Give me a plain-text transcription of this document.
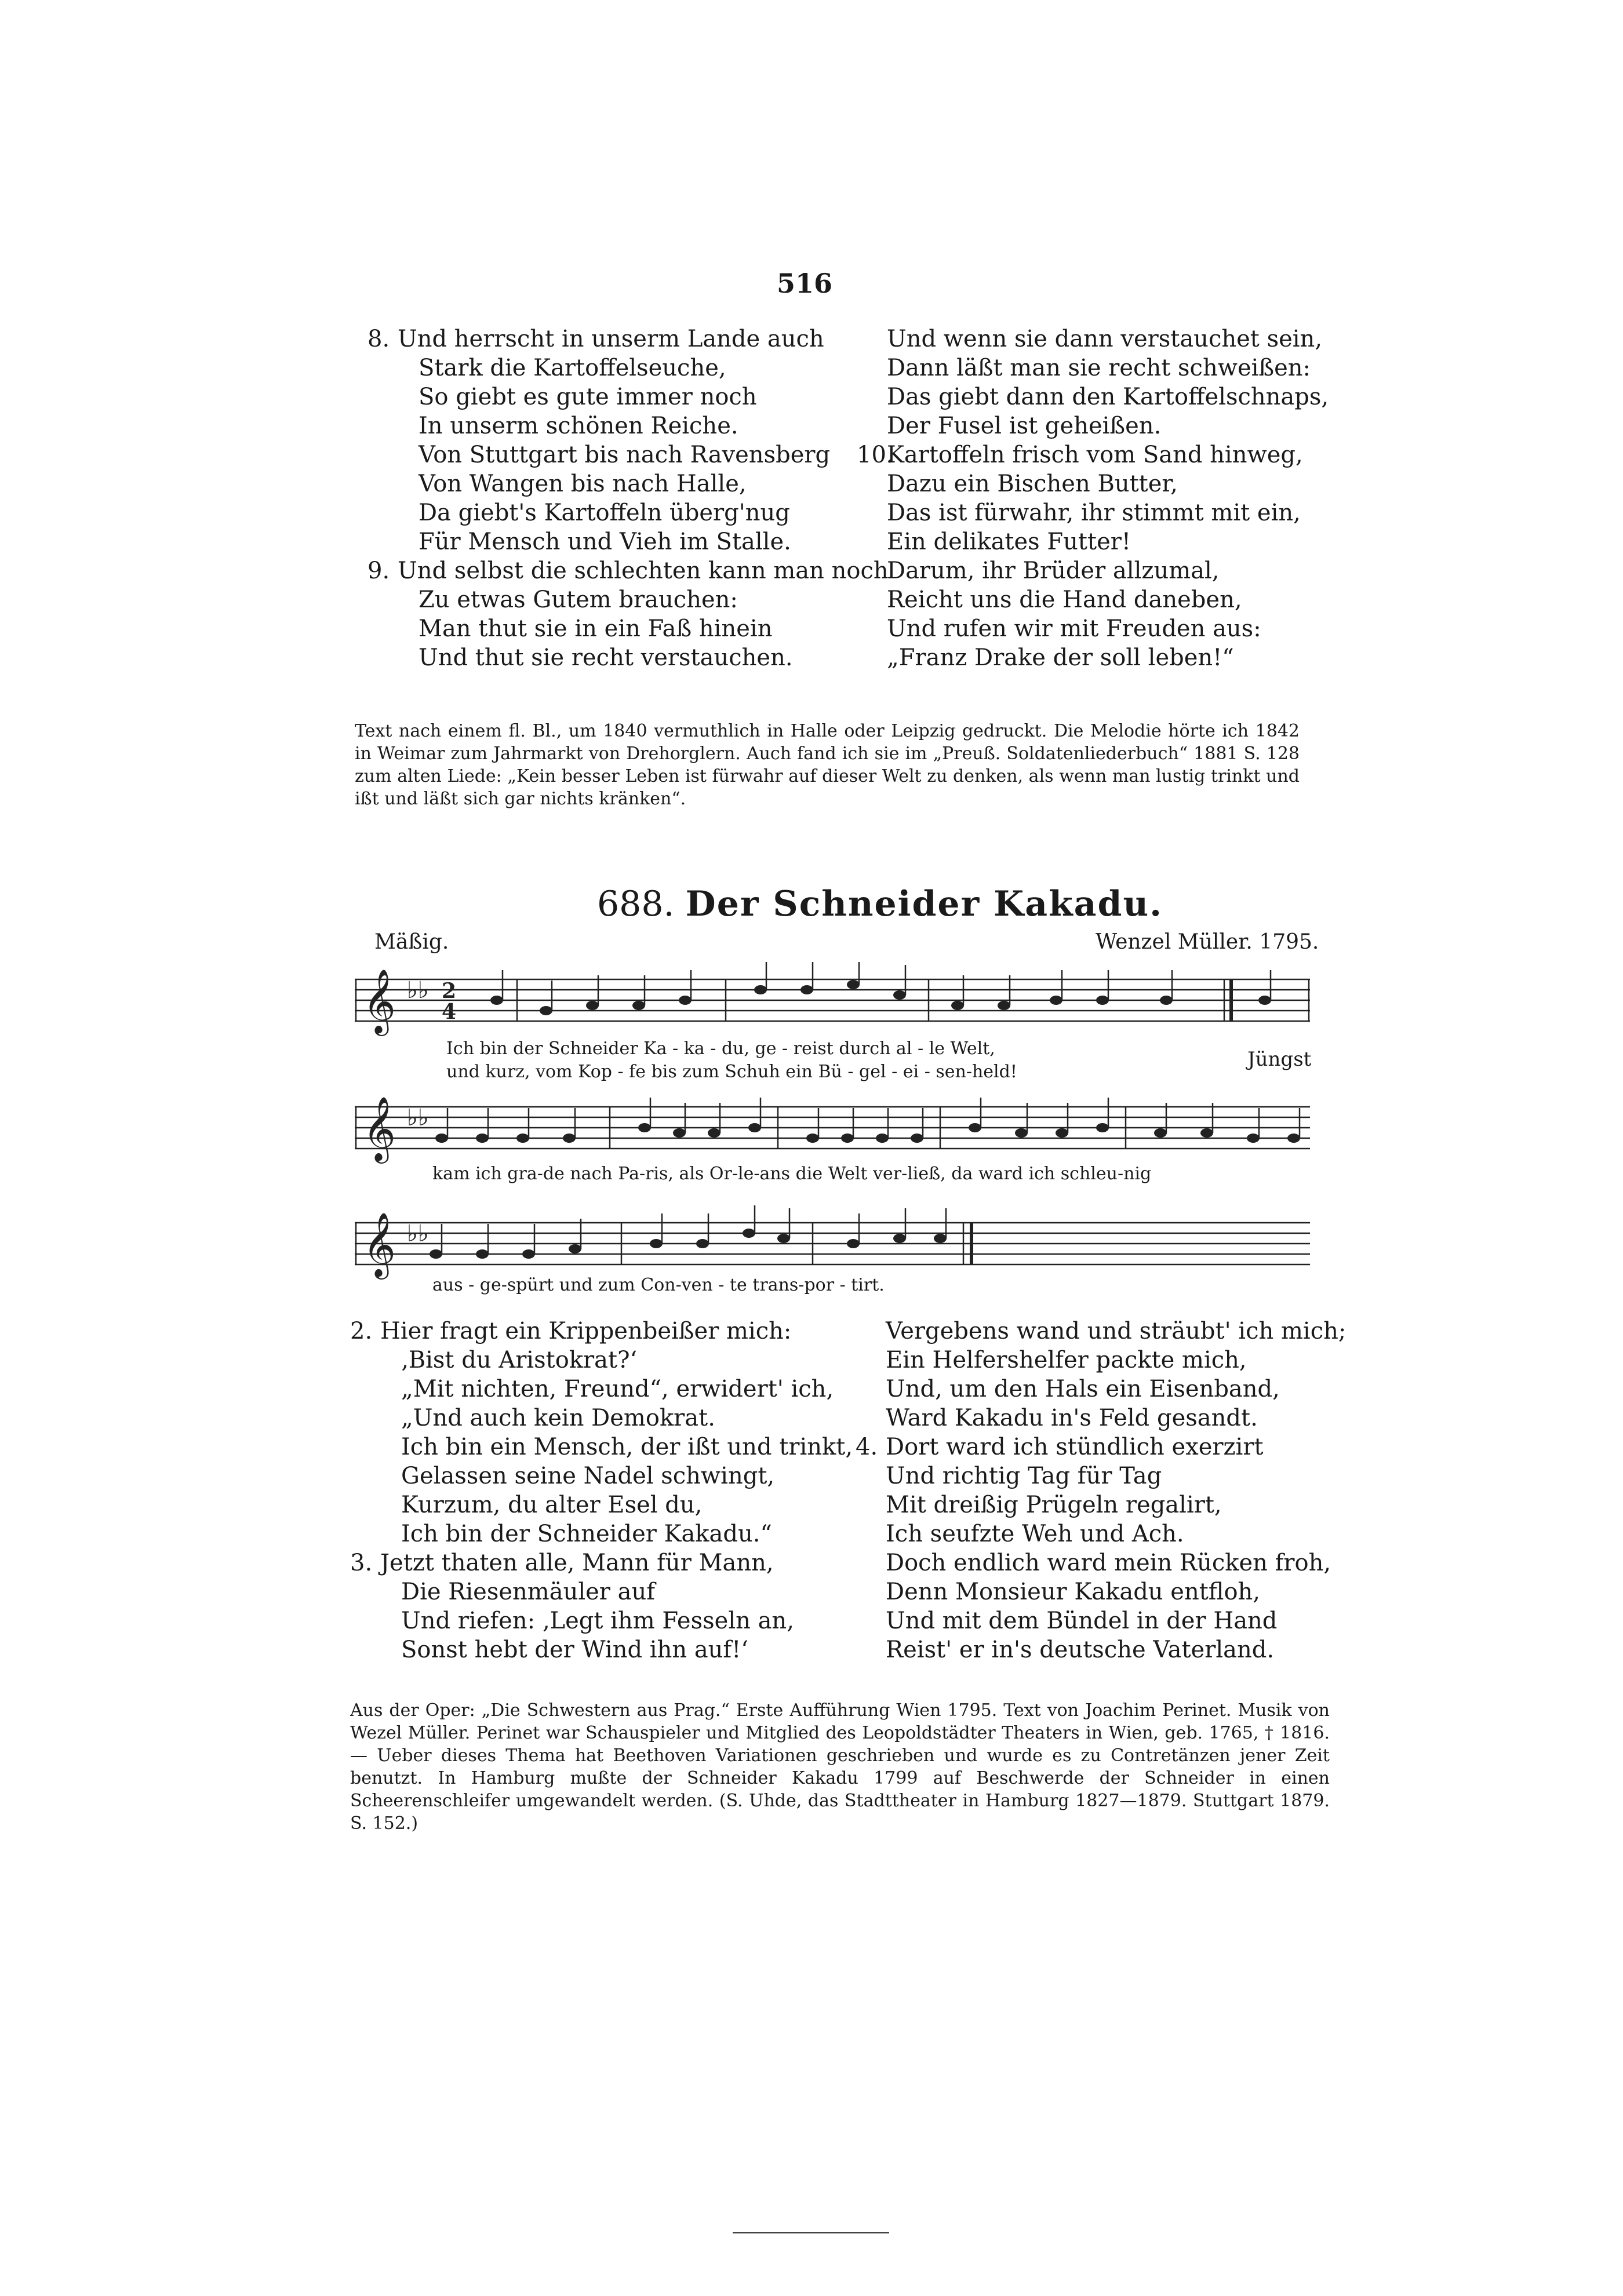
516
8. Und herrscht in unserm Lande auch
Stark die Kartoffelseuche,
So giebt es gute immer noch
In unserm schönen Reiche.
Von Stuttgart bis nach Ravensberg
Von Wangen bis nach Halle,
Da giebt's Kartoffeln überg'nug
Für Mensch und Vieh im Stalle.
9. Und selbst die schlechten kann man noch
Zu etwas Gutem brauchen:
Man thut sie in ein Faß hinein
Und thut sie recht verstauchen.
Und wenn sie dann verstauchet sein,
Dann läßt man sie recht schweißen:
Das giebt dann den Kartoffelschnaps,
Der Fusel ist geheißen.
10.Kartoffeln frisch vom Sand hinweg,
Dazu ein Bischen Butter,
Das ist fürwahr, ihr stimmt mit ein,
Ein delikates Futter!
Darum, ihr Brüder allzumal,
Reicht uns die Hand daneben,
Und rufen wir mit Freuden aus:
„Franz Drake der soll leben!“
Text nach einem fl. Bl., um 1840 vermuthlich in Halle oder Leipzig gedruckt. Die Melodie hörte ich 1842 in Weimar zum Jahrmarkt von Drehorglern. Auch fand ich sie im „Preuß. Soldatenliederbuch“ 1881 S. 128 zum alten Liede: „Kein besser Leben ist fürwahr auf dieser Welt zu denken, als wenn man lustig trinkt und ißt und läßt sich gar nichts kränken“.
688. Der Schneider Kakadu.
Mäßig.	Wenzel Müller. 1795.
𝄞 ♭♭ 2
4
Ich bin der Schneider Ka - ka - du, ge - reist durch al - le Welt,
und kurz, vom Kop - fe bis zum Schuh ein Bü - gel - ei - sen-held!
Jüngst
𝄞 ♭♭
kam ich gra-de nach Pa-ris, als Or-le-ans die Welt ver-ließ, da ward ich schleu-nig
𝄞 ♭♭
aus - ge-spürt und zum Con-ven - te trans-por - tirt.
2. Hier fragt ein Krippenbeißer mich:
‚Bist du Aristokrat?‘
„Mit nichten, Freund“, erwidert' ich,
„Und auch kein Demokrat.
Ich bin ein Mensch, der ißt und trinkt,
Gelassen seine Nadel schwingt,
Kurzum, du alter Esel du,
Ich bin der Schneider Kakadu.“
3. Jetzt thaten alle, Mann für Mann,
Die Riesenmäuler auf
Und riefen: ‚Legt ihm Fesseln an,
Sonst hebt der Wind ihn auf!‘
Vergebens wand und sträubt' ich mich;
Ein Helfershelfer packte mich,
Und, um den Hals ein Eisenband,
Ward Kakadu in's Feld gesandt.
4. Dort ward ich stündlich exerzirt
Und richtig Tag für Tag
Mit dreißig Prügeln regalirt,
Ich seufzte Weh und Ach.
Doch endlich ward mein Rücken froh,
Denn Monsieur Kakadu entfloh,
Und mit dem Bündel in der Hand
Reist' er in's deutsche Vaterland.
Aus der Oper: „Die Schwestern aus Prag.“ Erste Aufführung Wien 1795. Text von Joachim Perinet. Musik von Wezel Müller. Perinet war Schauspieler und Mitglied des Leopoldstädter Theaters in Wien, geb. 1765, † 1816. — Ueber dieses Thema hat Beethoven Variationen geschrieben und wurde es zu Contretänzen jener Zeit benutzt. In Hamburg mußte der Schneider Kakadu 1799 auf Beschwerde der Schneider in einen Scheerenschleifer umgewandelt werden. (S. Uhde, das Stadttheater in Hamburg 1827—1879. Stuttgart 1879. S. 152.)
